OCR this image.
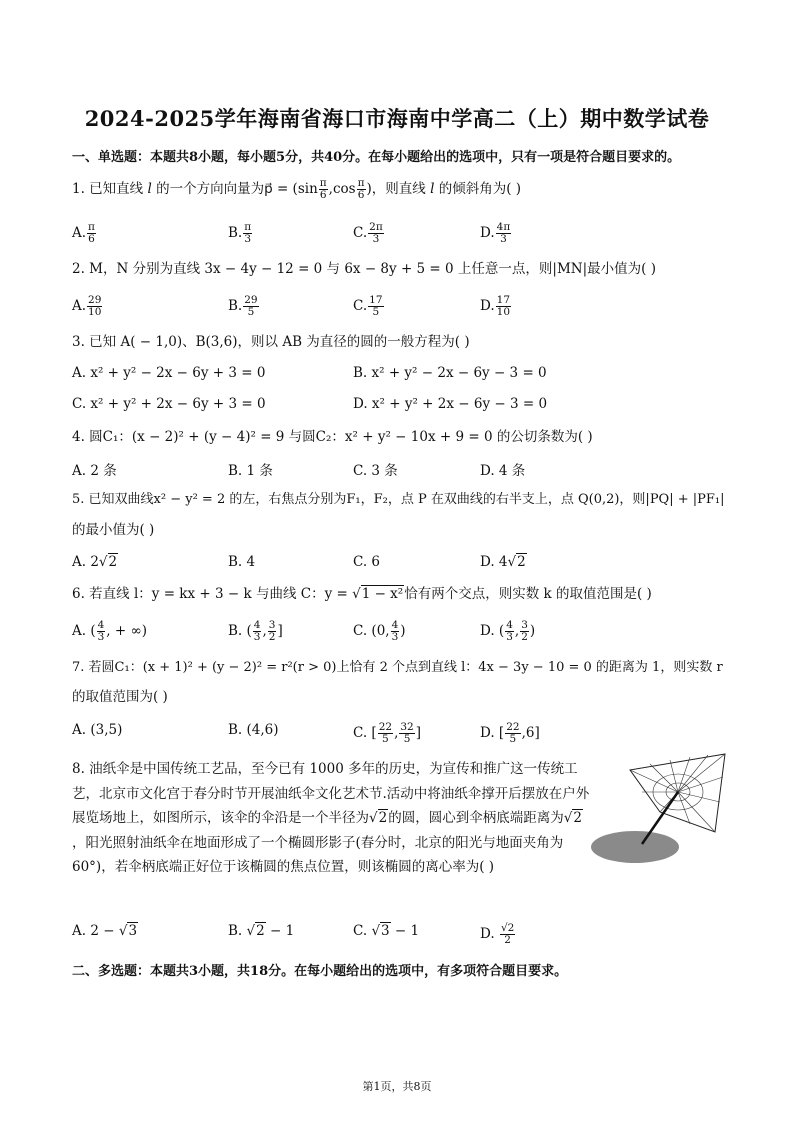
2024-2025学年海南省海口市海南中学高二（上）期中数学试卷
一、单选题：本题共8小题，每小题5分，共40分。在每小题给出的选项中，只有一项是符合题目要求的。
1. 已知直线 l 的一个方向向量为p⃗ = ($\sin \frac{\pi}{6} ,\cos \frac{\pi}{6}$ )，则直线 l 的倾斜角为( )
A. $\frac{\pi}{6}$	B. $\frac{\pi}{3}$	C. $\frac{2\pi}{3}$	D. $\frac{4\pi}{3}$
2. M，N 分别为直线 3x − 4y − 12 = 0 与 6x − 8y + 5 = 0 上任意一点，则|MN|最小值为( )
A. $\frac{29}{10}$	B. $\frac{29}{5}$	C. $\frac{17}{5}$	D. $\frac{17}{10}$
3. 已知 A( − 1,0)、B(3,6)，则以 AB 为直径的圆的一般方程为( )
A. x² + y² − 2x − 6y + 3 = 0	B. x² + y² − 2x − 6y − 3 = 0
C. x² + y² + 2x − 6y + 3 = 0	D. x² + y² + 2x − 6y − 3 = 0
4. 圆C₁：(x − 2)² + (y − 4)² = 9 与圆C₂：x² + y² − 10x + 9 = 0 的公切条数为( )
A. 2 条	B. 1 条	C. 3 条	D. 4 条
5. 已知双曲线x² − y² = 2 的左，右焦点分别为F₁，F₂，点 P 在双曲线的右半支上，点 Q(0,2)，则|PQ| + |PF₁|
的最小值为( )
A. 2√2	B. 4	C. 6	D. 4√2
6. 若直线 l：y = kx + 3 − k 与曲线 C：y = √1 − x²恰有两个交点，则实数 k 的取值范围是( )
A. ( $\frac{4}{3}$ , + ∞)	B. ( $\frac{4}{3}$ , $\frac{3}{2}$ ]	C. (0, $\frac{4}{3}$ )	D. ( $\frac{4}{3}$ , $\frac{3}{2}$ )
7. 若圆C₁：(x + 1)² + (y − 2)² = r²(r > 0)上恰有 2 个点到直线 l：4x − 3y − 10 = 0 的距离为 1，则实数 r
的取值范围为( )
A. (3,5)	B. (4,6)	C. [ $\frac{22}{5}$ , $\frac{32}{5}$ ]	D. [ $\frac{22}{5} ,6$]
8. 油纸伞是中国传统工艺品，至今已有 1000 多年的历史，为宣传和推广这一传统工艺，北京市文化宫于春分时节开展油纸伞文化艺术节.活动中将油纸伞撑开后摆放在户外展览场地上，如图所示，该伞的伞沿是一个半径为√2的圆，圆心到伞柄底端距离为√2，阳光照射油纸伞在地面形成了一个椭圆形影子(春分时，北京的阳光与地面夹角为 60°)，若伞柄底端正好位于该椭圆的焦点位置，则该椭圆的离心率为( )
A. 2 − √3	B. √2 − 1	C. √3 − 1	D. $\frac{√2}{2}$
二、多选题：本题共3小题，共18分。在每小题给出的选项中，有多项符合题目要求。
第1页，共8页
